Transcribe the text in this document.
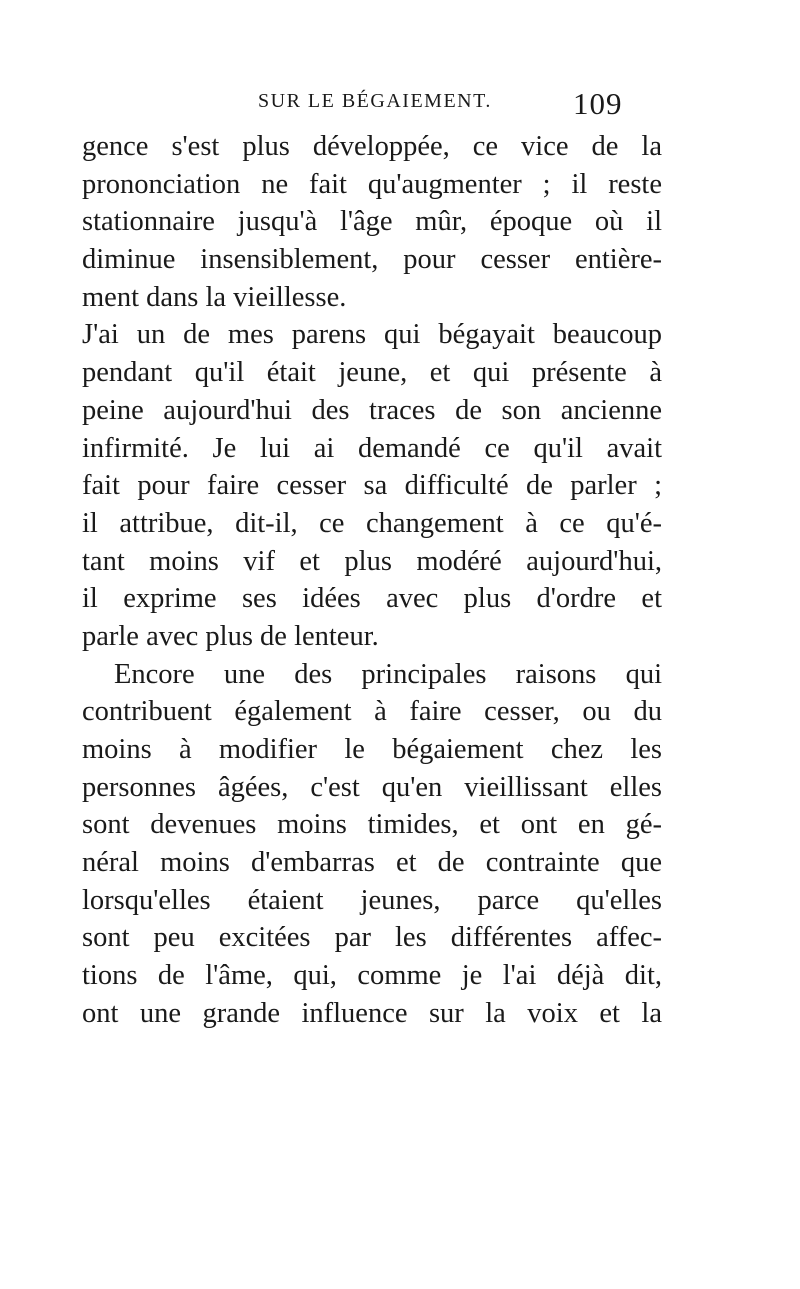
SUR LE BÉGAIEMENT.	109
gence s'est plus développée, ce vice de la
prononciation ne fait qu'augmenter ; il reste
stationnaire jusqu'à l'âge mûr, époque où il
diminue insensiblement, pour cesser entière-
ment dans la vieillesse.
J'ai un de mes parens qui bégayait beaucoup
pendant qu'il était jeune, et qui présente à
peine aujourd'hui des traces de son ancienne
infirmité. Je lui ai demandé ce qu'il avait
fait pour faire cesser sa difficulté de parler ;
il attribue, dit-il, ce changement à ce qu'é-
tant moins vif et plus modéré aujourd'hui,
il exprime ses idées avec plus d'ordre et
parle avec plus de lenteur.
Encore une des principales raisons qui
contribuent également à faire cesser, ou du
moins à modifier le bégaiement chez les
personnes âgées, c'est qu'en vieillissant elles
sont devenues moins timides, et ont en gé-
néral moins d'embarras et de contrainte que
lorsqu'elles étaient jeunes, parce qu'elles
sont peu excitées par les différentes affec-
tions de l'âme, qui, comme je l'ai déjà dit,
ont une grande influence sur la voix et la
